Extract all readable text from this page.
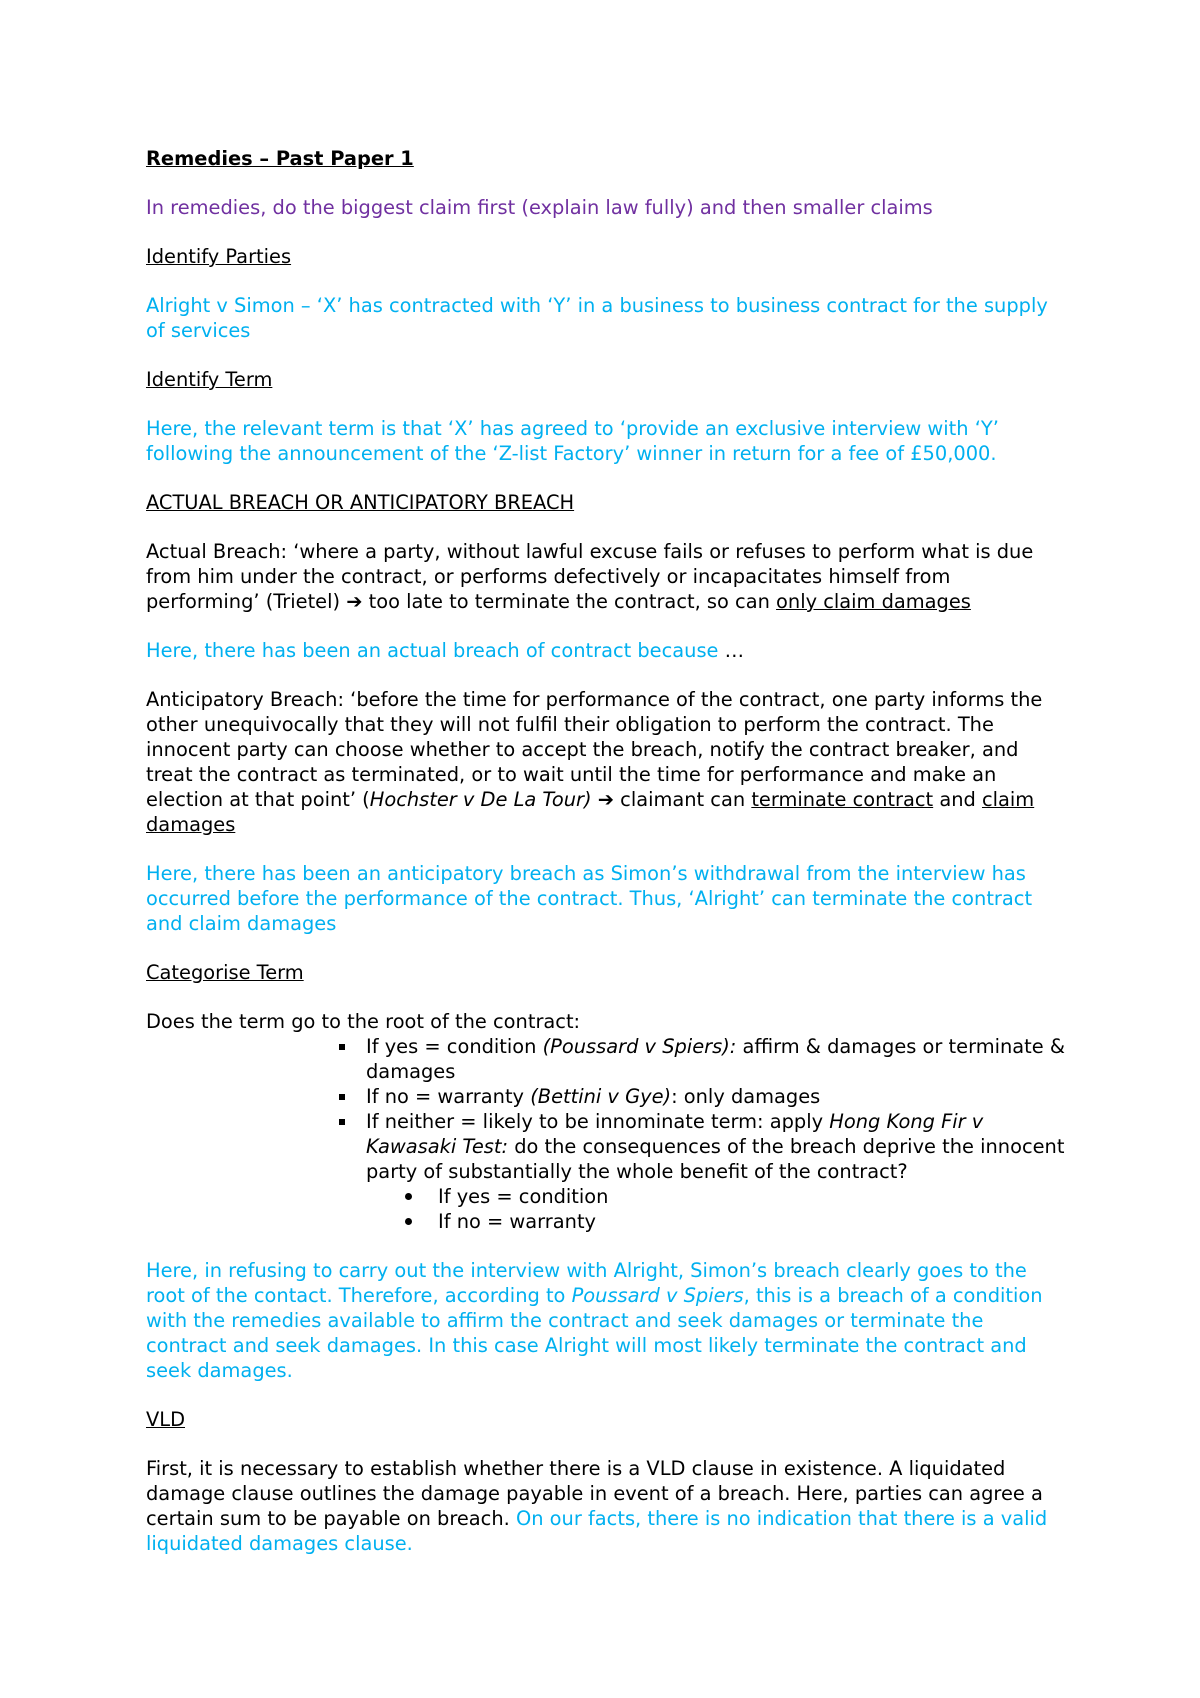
Remedies – Past Paper 1

In remedies, do the biggest claim first (explain law fully) and then smaller claims

Identify Parties

Alright v Simon – ‘X’ has contracted with ‘Y’ in a business to business contract for the supply of services

Identify Term

Here, the relevant term is that ‘X’ has agreed to ‘provide an exclusive interview with ‘Y’ following the announcement of the ‘Z-list Factory’ winner in return for a fee of £50,000.

ACTUAL BREACH OR ANTICIPATORY BREACH

Actual Breach: ‘where a party, without lawful excuse fails or refuses to perform what is due from him under the contract, or performs defectively or incapacitates himself from performing’ (Trietel) ➔ too late to terminate the contract, so can only claim damages

Here, there has been an actual breach of contract because …

Anticipatory Breach: ‘before the time for performance of the contract, one party informs the other unequivocally that they will not fulfil their obligation to perform the contract. The innocent party can choose whether to accept the breach, notify the contract breaker, and treat the contract as terminated, or to wait until the time for performance and make an election at that point’ (Hochster v De La Tour) ➔ claimant can terminate contract and claim damages

Here, there has been an anticipatory breach as Simon’s withdrawal from the interview has occurred before the performance of the contract. Thus, ‘Alright’ can terminate the contract and claim damages

Categorise Term

Does the term go to the root of the contract:

If yes = condition (Poussard v Spiers): affirm & damages or terminate & damages
If no = warranty (Bettini v Gye): only damages
If neither = likely to be innominate term: apply Hong Kong Fir v Kawasaki Test: do the consequences of the breach deprive the innocent party of substantially the whole benefit of the contract?
If yes = condition
If no = warranty

Here, in refusing to carry out the interview with Alright, Simon’s breach clearly goes to the root of the contact. Therefore, according to Poussard v Spiers, this is a breach of a condition with the remedies available to affirm the contract and seek damages or terminate the contract and seek damages. In this case Alright will most likely terminate the contract and seek damages.

VLD

First, it is necessary to establish whether there is a VLD clause in existence. A liquidated damage clause outlines the damage payable in event of a breach. Here, parties can agree a certain sum to be payable on breach. On our facts, there is no indication that there is a valid liquidated damages clause.
